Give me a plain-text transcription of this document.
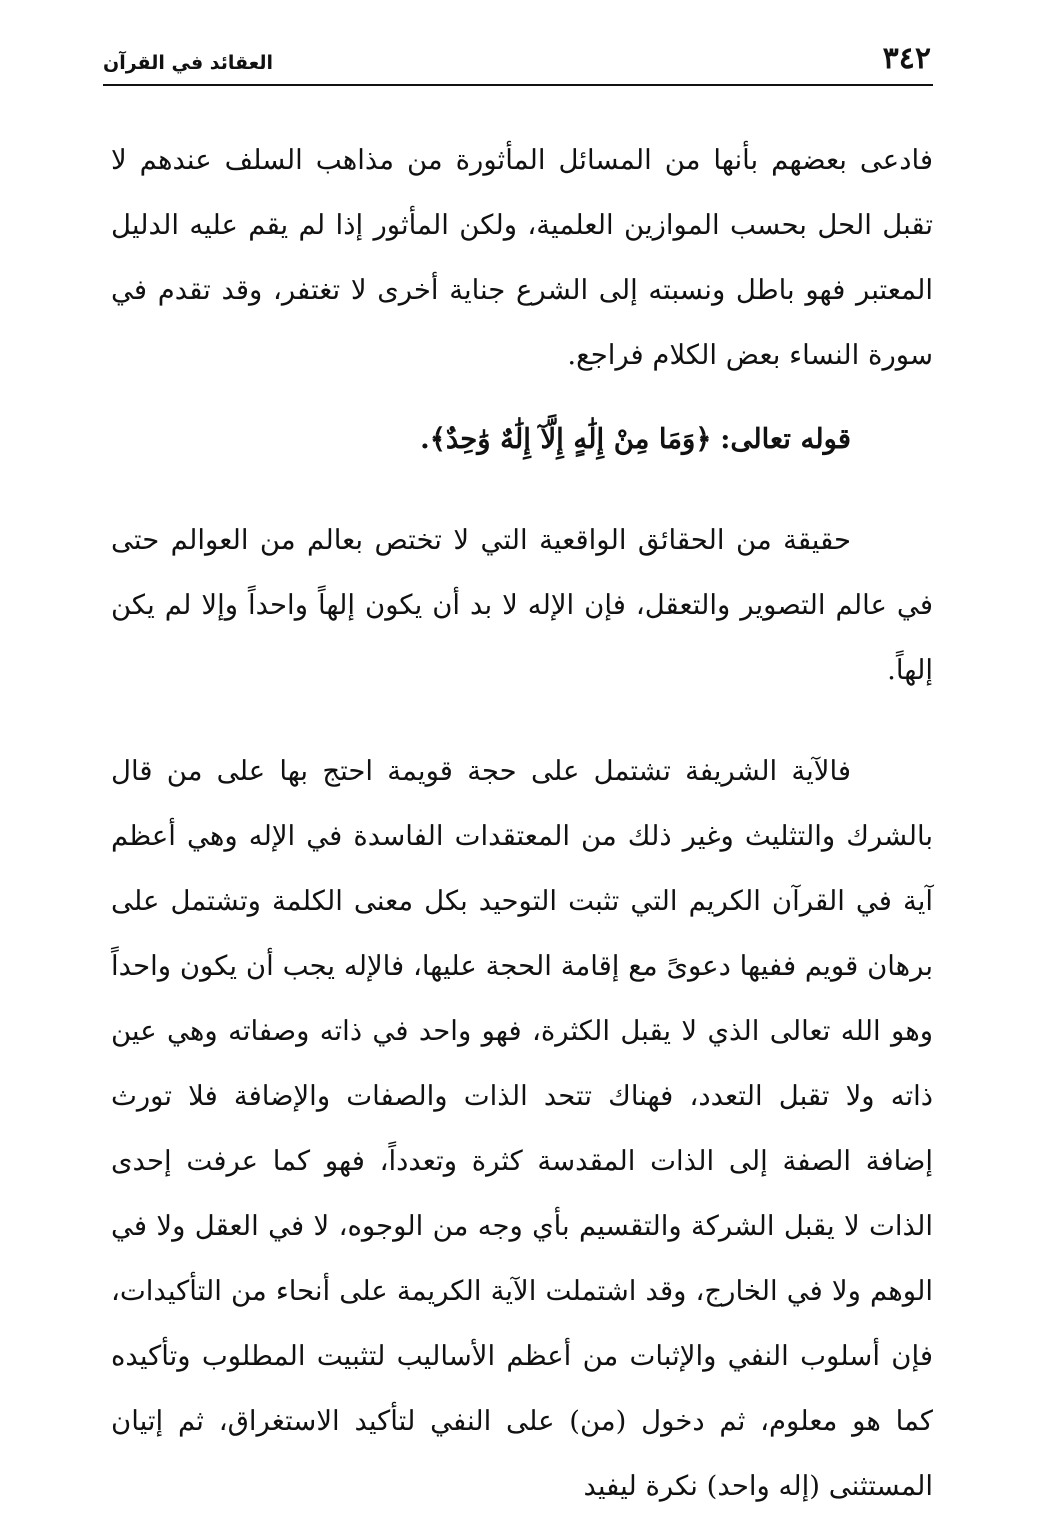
٣٤٢
العقائد في القرآن

فادعى بعضهم بأنها من المسائل المأثورة من مذاهب السلف عندهم لا تقبل الحل بحسب الموازين العلمية، ولكن المأثور إذا لم يقم عليه الدليل المعتبر فهو باطل ونسبته إلى الشرع جناية أخرى لا تغتفر، وقد تقدم في سورة النساء بعض الكلام فراجع.

قوله تعالى: ﴿وَمَا مِنْ إِلَٰهٍ إِلَّآ إِلَٰهٌ وَٰحِدٌ﴾.

حقيقة من الحقائق الواقعية التي لا تختص بعالم من العوالم حتى في عالم التصوير والتعقل، فإن الإله لا بد أن يكون إلهاً واحداً وإلا لم يكن إلهاً.

فالآية الشريفة تشتمل على حجة قويمة احتج بها على من قال بالشرك والتثليث وغير ذلك من المعتقدات الفاسدة في الإله وهي أعظم آية في القرآن الكريم التي تثبت التوحيد بكل معنى الكلمة وتشتمل على برهان قويم ففيها دعوىً مع إقامة الحجة عليها، فالإله يجب أن يكون واحداً وهو الله تعالى الذي لا يقبل الكثرة، فهو واحد في ذاته وصفاته وهي عين ذاته ولا تقبل التعدد، فهناك تتحد الذات والصفات والإضافة فلا تورث إضافة الصفة إلى الذات المقدسة كثرة وتعدداً، فهو كما عرفت إحدى الذات لا يقبل الشركة والتقسيم بأي وجه من الوجوه، لا في العقل ولا في الوهم ولا في الخارج، وقد اشتملت الآية الكريمة على أنحاء من التأكيدات، فإن أسلوب النفي والإثبات من أعظم الأساليب لتثبيت المطلوب وتأكيده كما هو معلوم، ثم دخول (من) على النفي لتأكيد الاستغراق، ثم إتيان المستثنى (إله واحد) نكرة ليفيد
